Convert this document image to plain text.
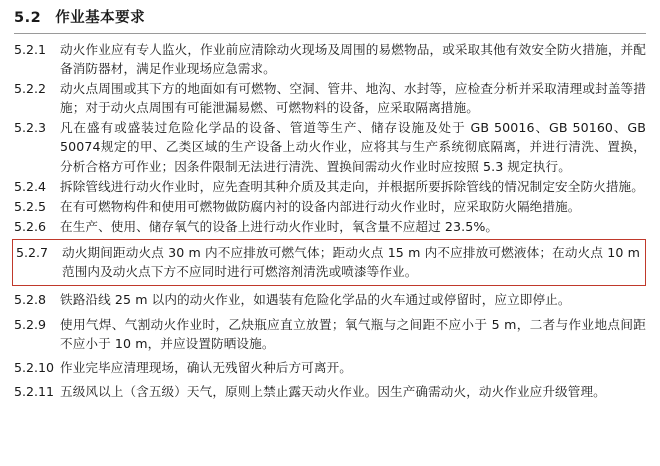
5.2 作业基本要求
5.2.1	动火作业应有专人监火，作业前应清除动火现场及周围的易燃物品，或采取其他有效安全防火措施，并配备消防器材，满足作业现场应急需求。
5.2.2	动火点周围或其下方的地面如有可燃物、空洞、管井、地沟、水封等，应检查分析并采取清理或封盖等措施；对于动火点周围有可能泄漏易燃、可燃物料的设备，应采取隔离措施。
5.2.3	凡在盛有或盛装过危险化学品的设备、管道等生产、储存设施及处于 GB 50016、GB 50160、GB 50074规定的甲、乙类区域的生产设备上动火作业，应将其与生产系统彻底隔离，并进行清洗、置换，分析合格方可作业；因条件限制无法进行清洗、置换间需动火作业时应按照 5.3 规定执行。
5.2.4	拆除管线进行动火作业时，应先查明其种介质及其走向，并根据所要拆除管线的情况制定安全防火措施。
5.2.5	在有可燃物构件和使用可燃物做防腐内衬的设备内部进行动火作业时，应采取防火隔绝措施。
5.2.6	在生产、使用、储存氧气的设备上进行动火作业时，氧含量不应超过 23.5%。
5.2.7	动火期间距动火点 30 m 内不应排放可燃气体；距动火点 15 m 内不应排放可燃液体；在动火点 10 m 范围内及动火点下方不应同时进行可燃溶剂清洗或喷漆等作业。
5.2.8	铁路沿线 25 m 以内的动火作业，如遇装有危险化学品的火车通过或停留时，应立即停止。
5.2.9	使用气焊、气割动火作业时，乙炔瓶应直立放置；氧气瓶与之间距不应小于 5 m，二者与作业地点间距不应小于 10 m，并应设置防晒设施。
5.2.10 作业完毕应清理现场，确认无残留火种后方可离开。
5.2.11 五级风以上（含五级）天气，原则上禁止露天动火作业。因生产确需动火，动火作业应升级管理。
